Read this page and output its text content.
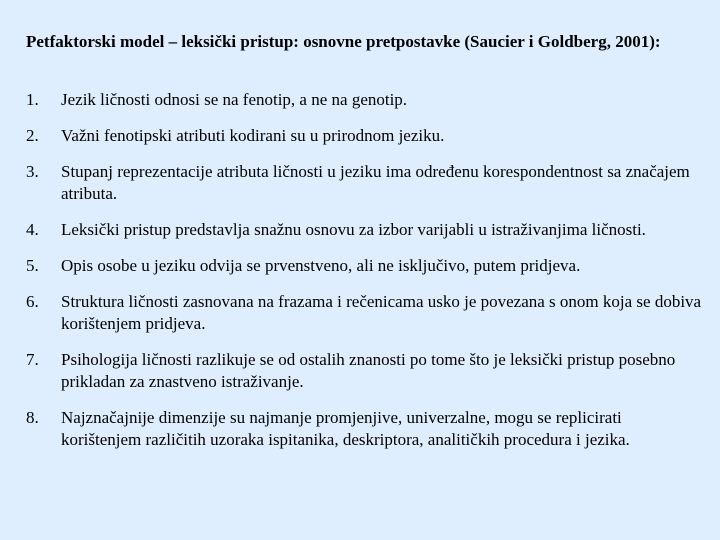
Petfaktorski model – leksički pristup: osnovne pretpostavke (Saucier i Goldberg, 2001):

1.	Jezik ličnosti odnosi se na fenotip, a ne na genotip.
2.	Važni fenotipski atributi kodirani su u prirodnom jeziku.
3.	Stupanj reprezentacije atributa ličnosti u jeziku ima određenu korespondentnost sa značajem atributa.
4.	Leksički pristup predstavlja snažnu osnovu za izbor varijabli u istraživanjima ličnosti.
5.	Opis osobe u jeziku odvija se prvenstveno, ali ne isključivo, putem pridjeva.
6.	Struktura ličnosti zasnovana na frazama i rečenicama usko je povezana s onom koja se dobiva korištenjem pridjeva.
7.	Psihologija ličnosti razlikuje se od ostalih znanosti po tome što je leksički pristup posebno prikladan za znastveno istraživanje.
8.	Najznačajnije dimenzije su najmanje promjenjive, univerzalne, mogu se replicirati korištenjem različitih uzoraka ispitanika, deskriptora, analitičkih procedura i jezika.
